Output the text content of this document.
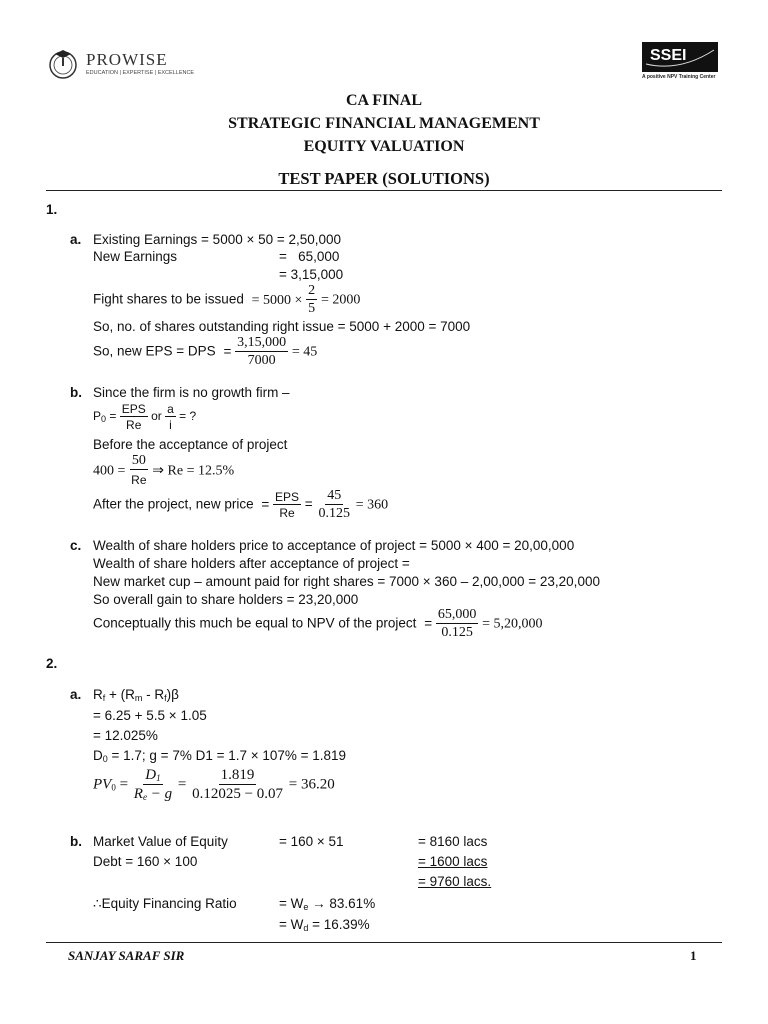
PROWISE
EDUCATION | EXPERTISE | EXCELLENCE
SSEI
A positive NPV Training Center
CA FINAL
STRATEGIC FINANCIAL MANAGEMENT
EQUITY VALUATION
TEST PAPER (SOLUTIONS)
1.
a. Existing Earnings = 5000 × 50 = 2,50,000
New Earnings	=   65,000
= 3,15,000
Fight shares to be issued = $5000 \times \frac{2}{5} = 2000$
So, no. of shares outstanding right issue = 5000 + 2000 = 7000
So, new EPS = DPS = $\frac{3,15,000}{7000} = 45$
b. Since the firm is no growth firm –
$P_0 = \frac{\text{EPS}}{Re}$ or $\frac{a}{i}$ = ?
Before the acceptance of project
$400 = \frac{50}{Re}$ ⇒ Re = 12.5%
After the project, new price = $\frac{\text{EPS}}{Re} = \frac{45}{0.125} = 360$
c. Wealth of share holders price to acceptance of project = 5000 × 400 = 20,00,000
Wealth of share holders after acceptance of project =
New market cup – amount paid for right shares = 7000 × 360 – 2,00,000 = 23,20,000
So overall gain to share holders = 23,20,000
Conceptually this much be equal to NPV of the project = $\frac{65,000}{0.125} = 5,20,000$
2.
a. $R_f + (R_m - R_f)\beta$
= 6.25 + 5.5 × 1.05
= 12.025%
$D_0 = 1.7$; g = 7% D1 = 1.7 × 107% = 1.819
$PV_0 = \frac{D_1}{R_e - g} = \frac{1.819}{0.12025 - 0.07} = 36.20$
b. Market Value of Equity	= 160 × 51	= 8160 lacs
Debt = 160 × 100	= 1600 lacs
= 9760 lacs.
∴Equity Financing Ratio	= $W_e \to 83.61\%$
= $W_d = 16.39\%$
SANJAY SARAF SIR	1
